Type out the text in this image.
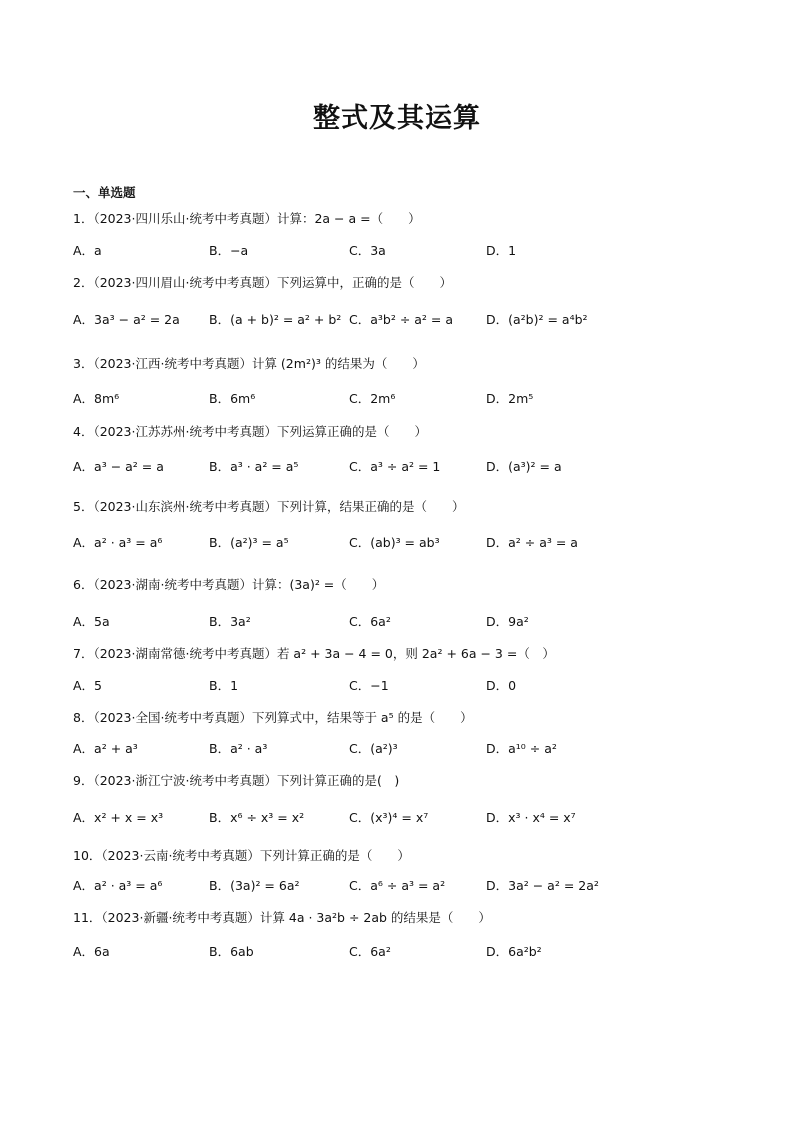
整式及其运算
一、单选题
1．（2023·四川乐山·统考中考真题）计算：2a − a =（　　）
A．a	B．−a	C．3a	D．1
2．（2023·四川眉山·统考中考真题）下列运算中，正确的是（　　）
A．3a³ − a² = 2a B．(a + b)² = a² + b² C．a³b² ÷ a² = a	D．(a²b)² = a⁴b²
3．（2023·江西·统考中考真题）计算 (2m²)³ 的结果为（　　）
A．8m⁶	B．6m⁶	C．2m⁶	D．2m⁵
4．（2023·江苏苏州·统考中考真题）下列运算正确的是（　　）
A．a³ − a² = a	B．a³ · a² = a⁵	C．a³ ÷ a² = 1	D．(a³)² = a
5．（2023·山东滨州·统考中考真题）下列计算，结果正确的是（　　）
A．a² · a³ = a⁶	B．(a²)³ = a⁵	C．(ab)³ = ab³	D．a² ÷ a³ = a
6．（2023·湖南·统考中考真题）计算：(3a)² =（　　）
A．5a	B．3a²	C．6a²	D．9a²
7．（2023·湖南常德·统考中考真题）若 a² + 3a − 4 = 0，则 2a² + 6a − 3 =（　）
A．5	B．1	C．−1	D．0
8．（2023·全国·统考中考真题）下列算式中，结果等于 a⁵ 的是（　　）
A．a² + a³	B．a² · a³	C．(a²)³	D．a¹⁰ ÷ a²
9．（2023·浙江宁波·统考中考真题）下列计算正确的是(　)
A．x² + x = x³	B．x⁶ ÷ x³ = x²	C．(x³)⁴ = x⁷	D．x³ · x⁴ = x⁷
10．（2023·云南·统考中考真题）下列计算正确的是（　　）
A．a² · a³ = a⁶	B．(3a)² = 6a²	C．a⁶ ÷ a³ = a²	D．3a² − a² = 2a²
11．（2023·新疆·统考中考真题）计算 4a · 3a²b ÷ 2ab 的结果是（　　）
A．6a	B．6ab	C．6a²	D．6a²b²
